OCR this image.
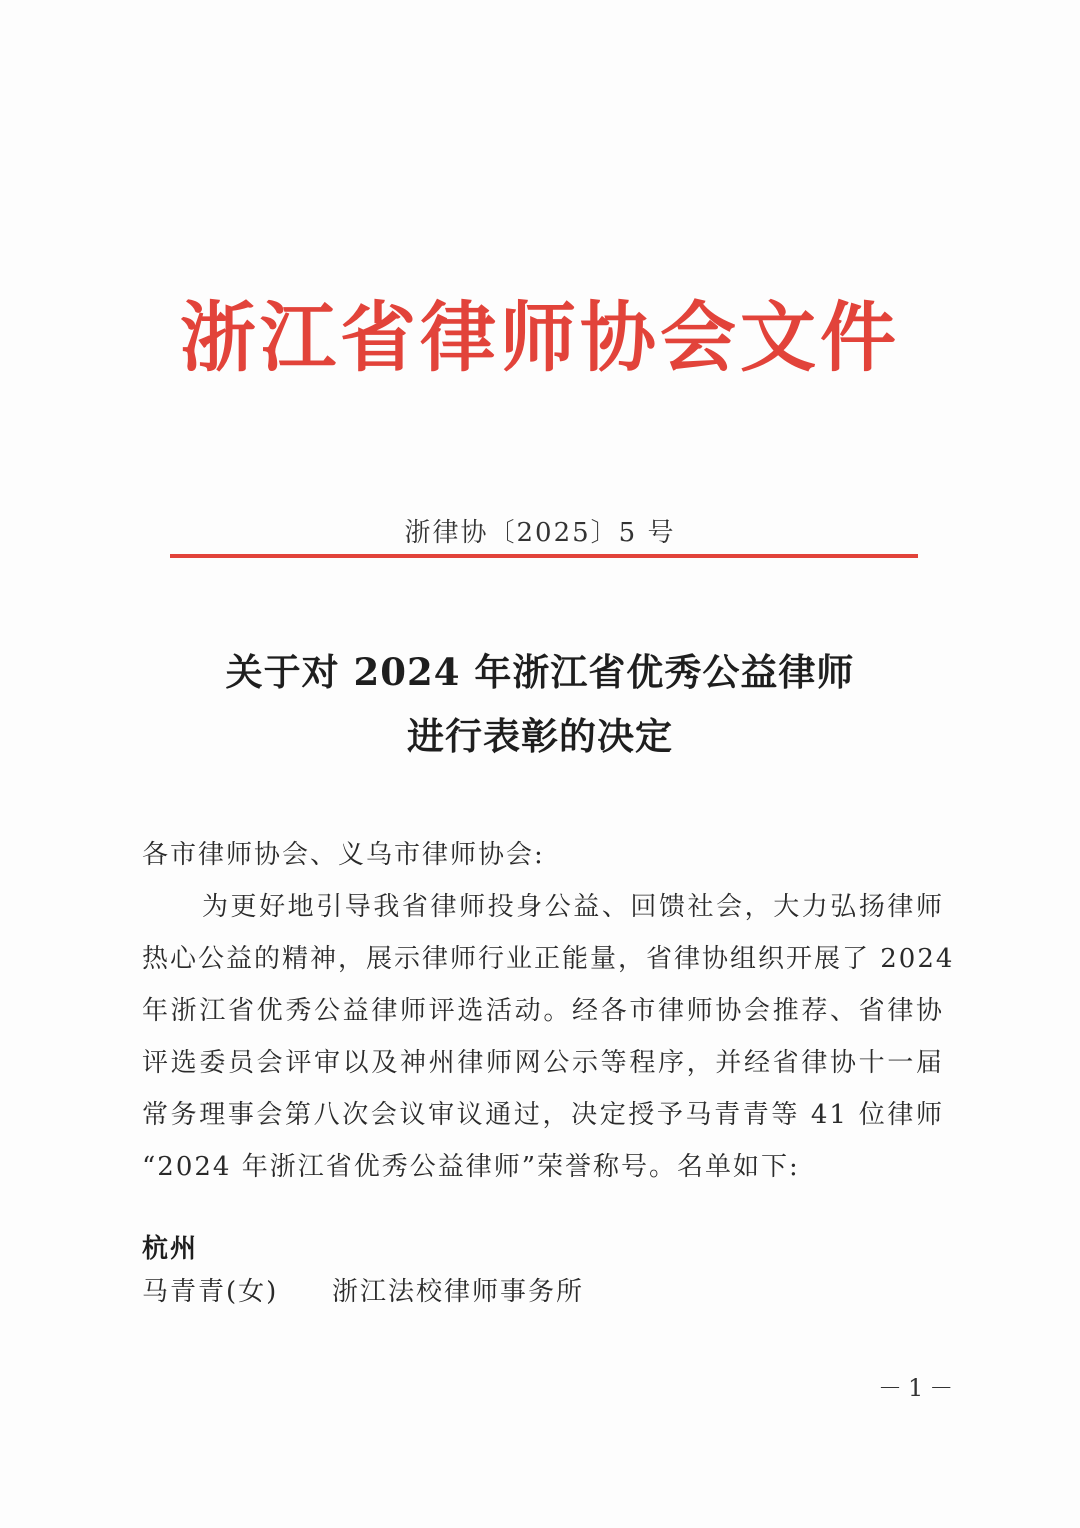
浙江省律师协会文件
浙律协〔2025〕5 号
关于对 2024 年浙江省优秀公益律师
进行表彰的决定
各市律师协会、义乌市律师协会:
为更好地引导我省律师投身公益、回馈社会，大力弘扬律师
热心公益的精神，展示律师行业正能量，省律协组织开展了 2024
年浙江省优秀公益律师评选活动。经各市律师协会推荐、省律协
评选委员会评审以及神州律师网公示等程序，并经省律协十一届
常务理事会第八次会议审议通过，决定授予马青青等 41 位律师
“2024 年浙江省优秀公益律师”荣誉称号。名单如下:
杭州
马青青(女) 浙江法校律师事务所
－1－
